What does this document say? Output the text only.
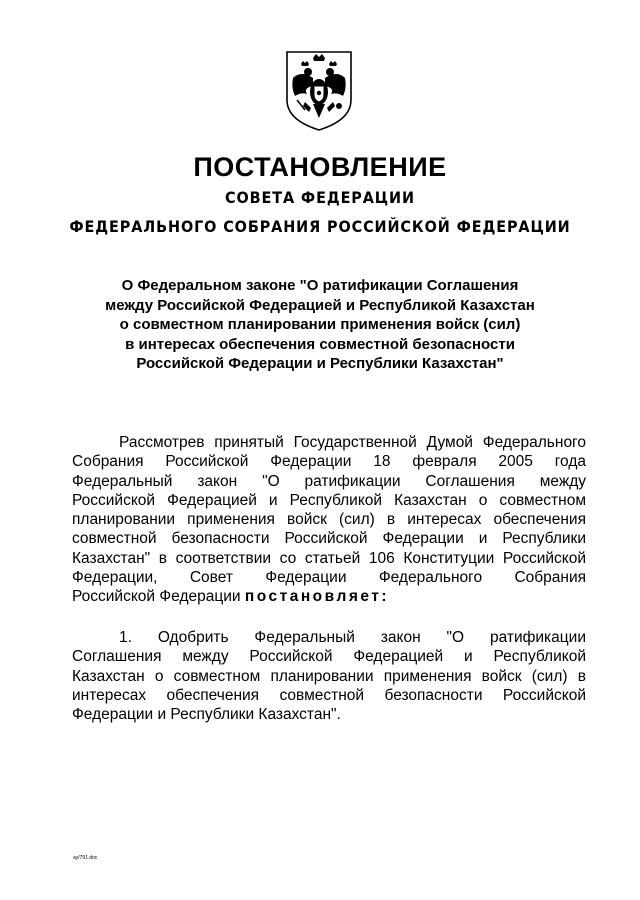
ПОСТАНОВЛЕНИЕ
СОВЕТА ФЕДЕРАЦИИ
ФЕДЕРАЛЬНОГО СОБРАНИЯ РОССИЙСКОЙ ФЕДЕРАЦИИ
О Федеральном законе "О ратификации Соглашения
между Российской Федерацией и Республикой Казахстан
о совместном планировании применения войск (сил)
в интересах обеспечения совместной безопасности
Российской Федерации и Республики Казахстан"
Рассмотрев принятый Государственной Думой Федерального
Собрания Российской Федерации 18 февраля 2005 года
Федеральный закон "О ратификации Соглашения между
Российской Федерацией и Республикой Казахстан о совместном
планировании применения войск (сил) в интересах обеспечения
совместной безопасности Российской Федерации и Республики
Казахстан" в соответствии со статьей 106 Конституции Российской
Федерации, Совет Федерации Федерального Собрания
Российской Федерации постановляет:
1. Одобрить Федеральный закон "О ратификации
Соглашения между Российской Федерацией и Республикой
Казахстан о совместном планировании применения войск (сил) в
интересах обеспечения совместной безопасности Российской
Федерации и Республики Казахстан".
ау/791.doc
